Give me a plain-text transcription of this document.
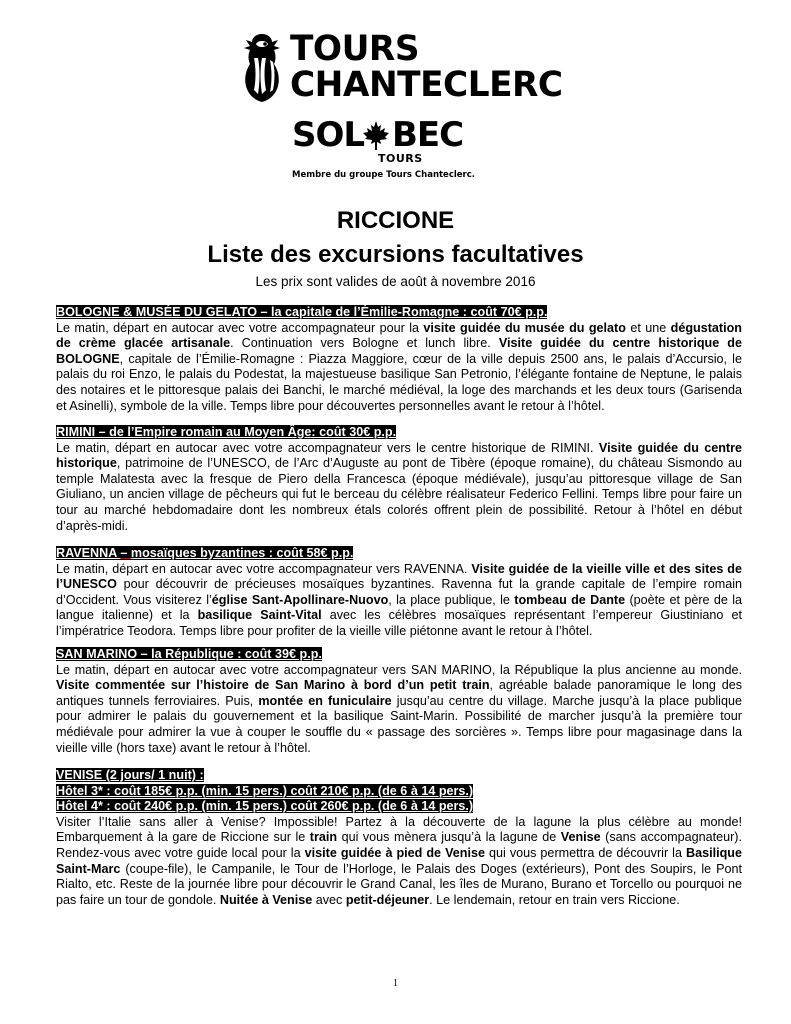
TOURS
CHANTECLERC
SOL BEC
TOURS
Membre du groupe Tours Chanteclerc.
RICCIONE
Liste des excursions facultatives
Les prix sont valides de août à novembre 2016
BOLOGNE & MUSÉE DU GELATO – la capitale de l’Émilie-Romagne : coût 70€ p.p.
Le matin, départ en autocar avec votre accompagnateur pour la visite guidée du musée du gelato et une dégustation de crème glacée artisanale. Continuation vers Bologne et lunch libre. Visite guidée du centre historique de BOLOGNE, capitale de l’Émilie-Romagne : Piazza Maggiore, cœur de la ville depuis 2500 ans, le palais d’Accursio, le palais du roi Enzo, le palais du Podestat, la majestueuse basilique San Petronio, l’élégante fontaine de Neptune, le palais des notaires et le pittoresque palais dei Banchi, le marché médiéval, la loge des marchands et les deux tours (Garisenda et Asinelli), symbole de la ville. Temps libre pour découvertes personnelles avant le retour à l’hôtel.
RIMINI – de l’Empire romain au Moyen Âge: coût 30€ p.p.
Le matin, départ en autocar avec votre accompagnateur vers le centre historique de RIMINI. Visite guidée du centre historique, patrimoine de l’UNESCO, de l’Arc d’Auguste au pont de Tibère (époque romaine), du château Sismondo au temple Malatesta avec la fresque de Piero della Francesca (époque médiévale), jusqu’au pittoresque village de San Giuliano, un ancien village de pêcheurs qui fut le berceau du célèbre réalisateur Federico Fellini. Temps libre pour faire un tour au marché hebdomadaire dont les nombreux étals colorés offrent plein de possibilité. Retour à l’hôtel en début d’après-midi.
RAVENNA – mosaïques byzantines : coût 58€ p.p.
Le matin, départ en autocar avec votre accompagnateur vers RAVENNA. Visite guidée de la vieille ville et des sites de l’UNESCO pour découvrir de précieuses mosaïques byzantines. Ravenna fut la grande capitale de l’empire romain d’Occident. Vous visiterez l’église Sant-Apollinare-Nuovo, la place publique, le tombeau de Dante (poète et père de la langue italienne) et la basilique Saint-Vital avec les célèbres mosaïques représentant l’empereur Giustiniano et l’impératrice Teodora. Temps libre pour profiter de la vieille ville piétonne avant le retour à l’hôtel.
SAN MARINO – la République : coût 39€ p.p.
Le matin, départ en autocar avec votre accompagnateur vers SAN MARINO, la République la plus ancienne au monde. Visite commentée sur l’histoire de San Marino à bord d’un petit train, agréable balade panoramique le long des antiques tunnels ferroviaires. Puis, montée en funiculaire jusqu’au centre du village. Marche jusqu’à la place publique pour admirer le palais du gouvernement et la basilique Saint-Marin. Possibilité de marcher jusqu’à la première tour médiévale pour admirer la vue à couper le souffle du « passage des sorcières ». Temps libre pour magasinage dans la vieille ville (hors taxe) avant le retour à l’hôtel.
VENISE (2 jours/ 1 nuit) :
Hôtel 3* : coût 185€ p.p. (min. 15 pers.) coût 210€ p.p. (de 6 à 14 pers.)
Hôtel 4* : coût 240€ p.p. (min. 15 pers.) coût 260€ p.p. (de 6 à 14 pers.)
Visiter l’Italie sans aller à Venise? Impossible! Partez à la découverte de la lagune la plus célèbre au monde! Embarquement à la gare de Riccione sur le train qui vous mènera jusqu’à la lagune de Venise (sans accompagnateur). Rendez-vous avec votre guide local pour la visite guidée à pied de Venise qui vous permettra de découvrir la Basilique Saint-Marc (coupe-file), le Campanile, le Tour de l’Horloge, le Palais des Doges (extérieurs), Pont des Soupirs, le Pont Rialto, etc. Reste de la journée libre pour découvrir le Grand Canal, les îles de Murano, Burano et Torcello ou pourquoi ne pas faire un tour de gondole. Nuitée à Venise avec petit-déjeuner. Le lendemain, retour en train vers Riccione.
1
